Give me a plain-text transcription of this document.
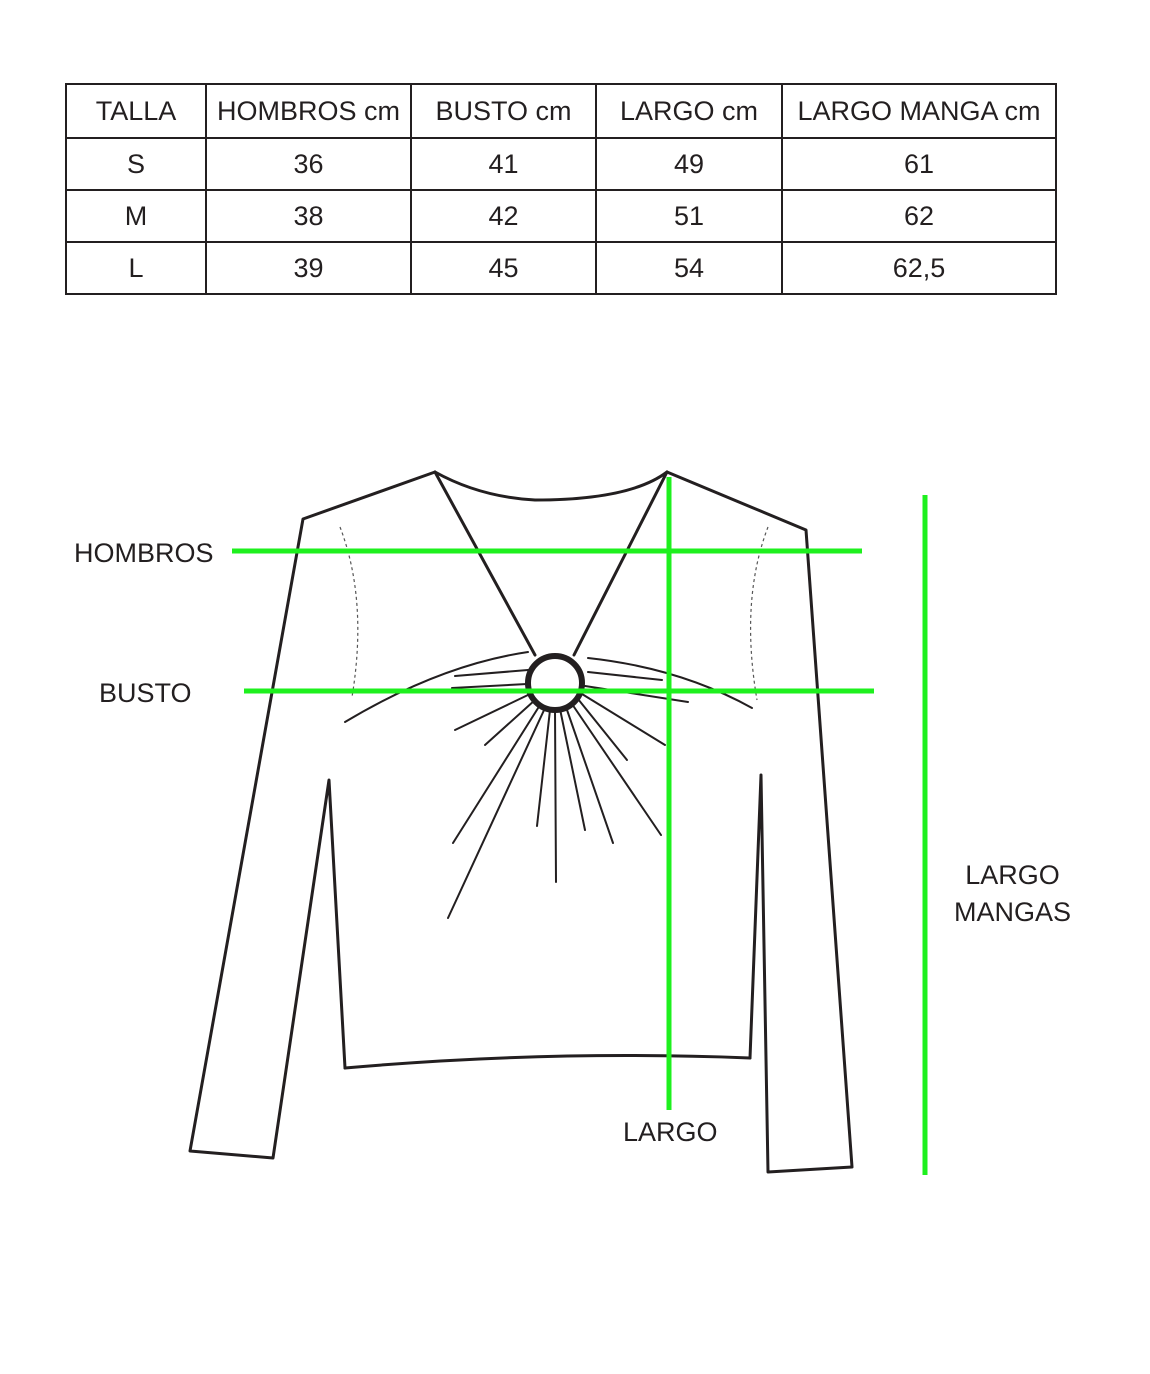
TALLA	HOMBROS cm	BUSTO cm	LARGO cm	LARGO MANGA cm
S	36	41	49	61
M	38	42	51	62
L	39	45	54	62,5
HOMBROS
BUSTO
LARGO
LARGO
MANGAS
